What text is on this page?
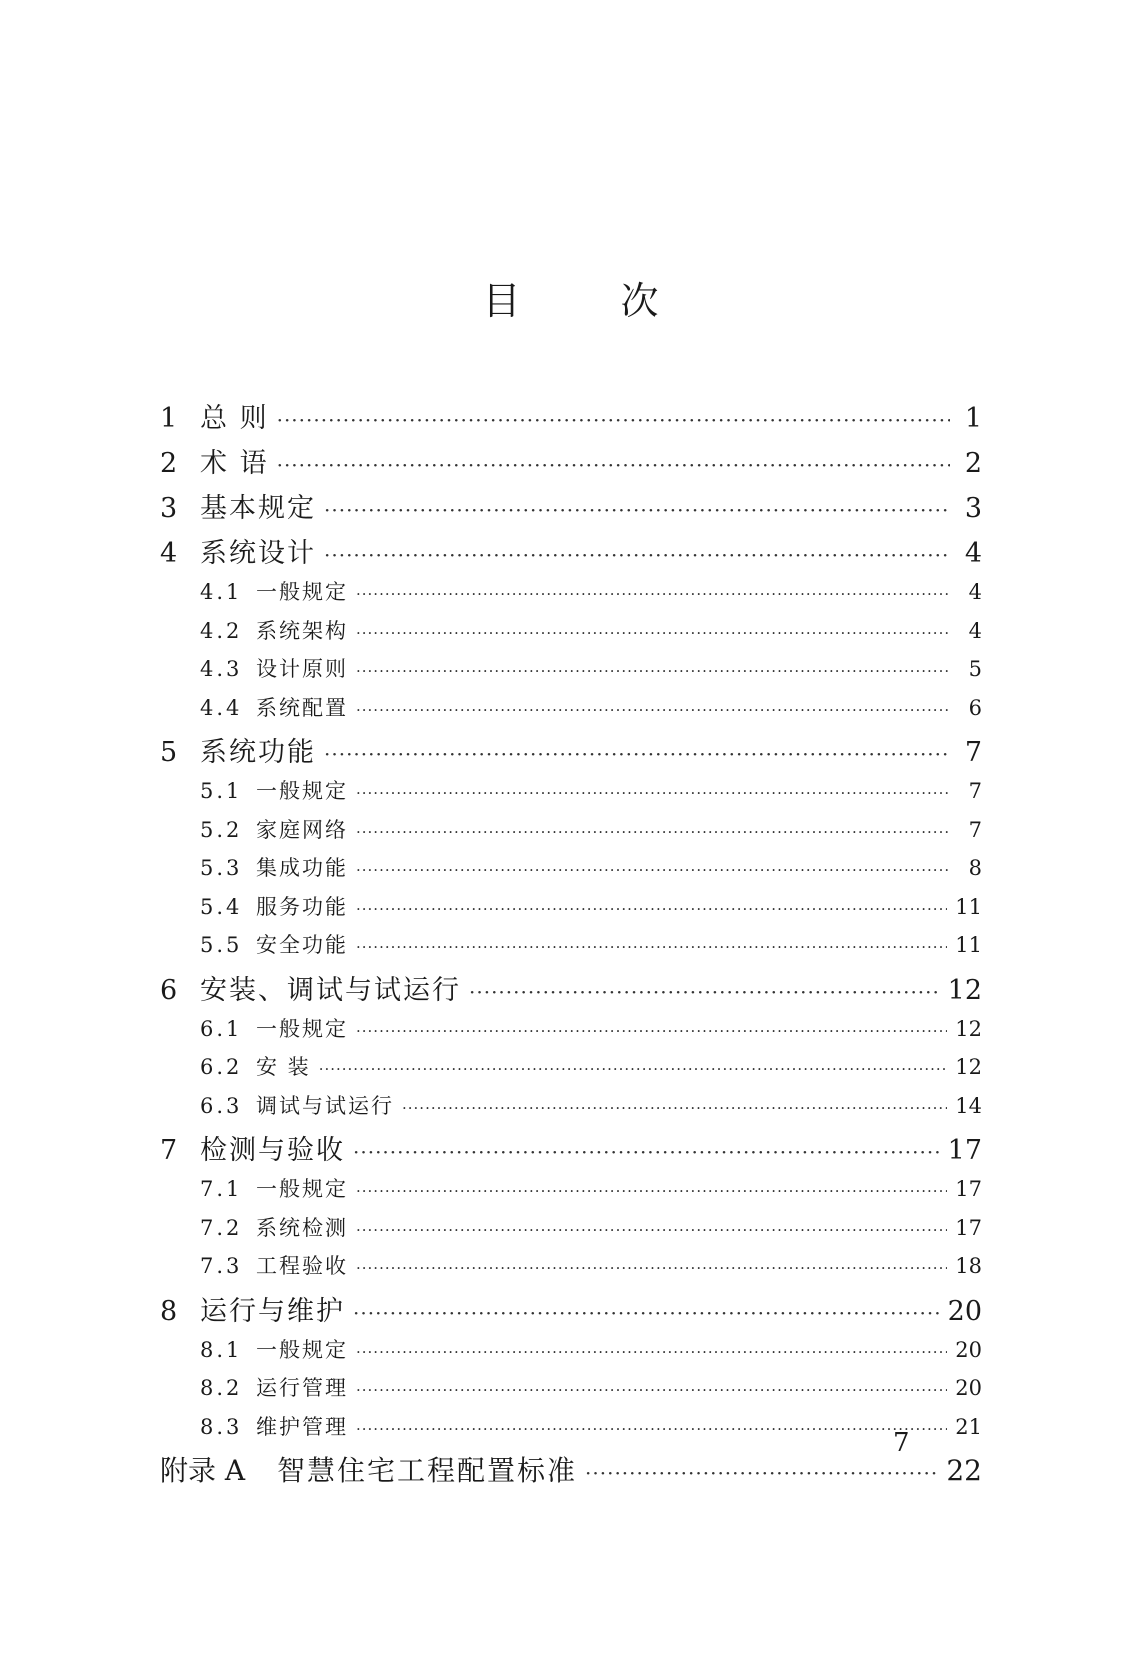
目 次
1 总 则 ·····	1
2 术 语 ·····	2
3 基本规定 ·····	3
4 系统设计 ·····	4
4.1 一般规定 ·····	4
4.2 系统架构 ·····	4
4.3 设计原则 ·····	5
4.4 系统配置 ·····	6
5 系统功能 ·····	7
5.1 一般规定 ·····	7
5.2 家庭网络 ·····	7
5.3 集成功能 ·····	8
5.4 服务功能 ·····	11
5.5 安全功能 ·····	11
6 安装、调试与试运行 ·····	12
6.1 一般规定 ·····	12
6.2 安 装 ·····	12
6.3 调试与试运行 ·····	14
7 检测与验收 ·····	17
7.1 一般规定 ·····	17
7.2 系统检测 ·····	17
7.3 工程验收 ·····	18
8 运行与维护 ·····	20
8.1 一般规定 ·····	20
8.2 运行管理 ·····	20
8.3 维护管理 ·····	21
附录 A	智慧住宅工程配置标准 ·····	22
7
